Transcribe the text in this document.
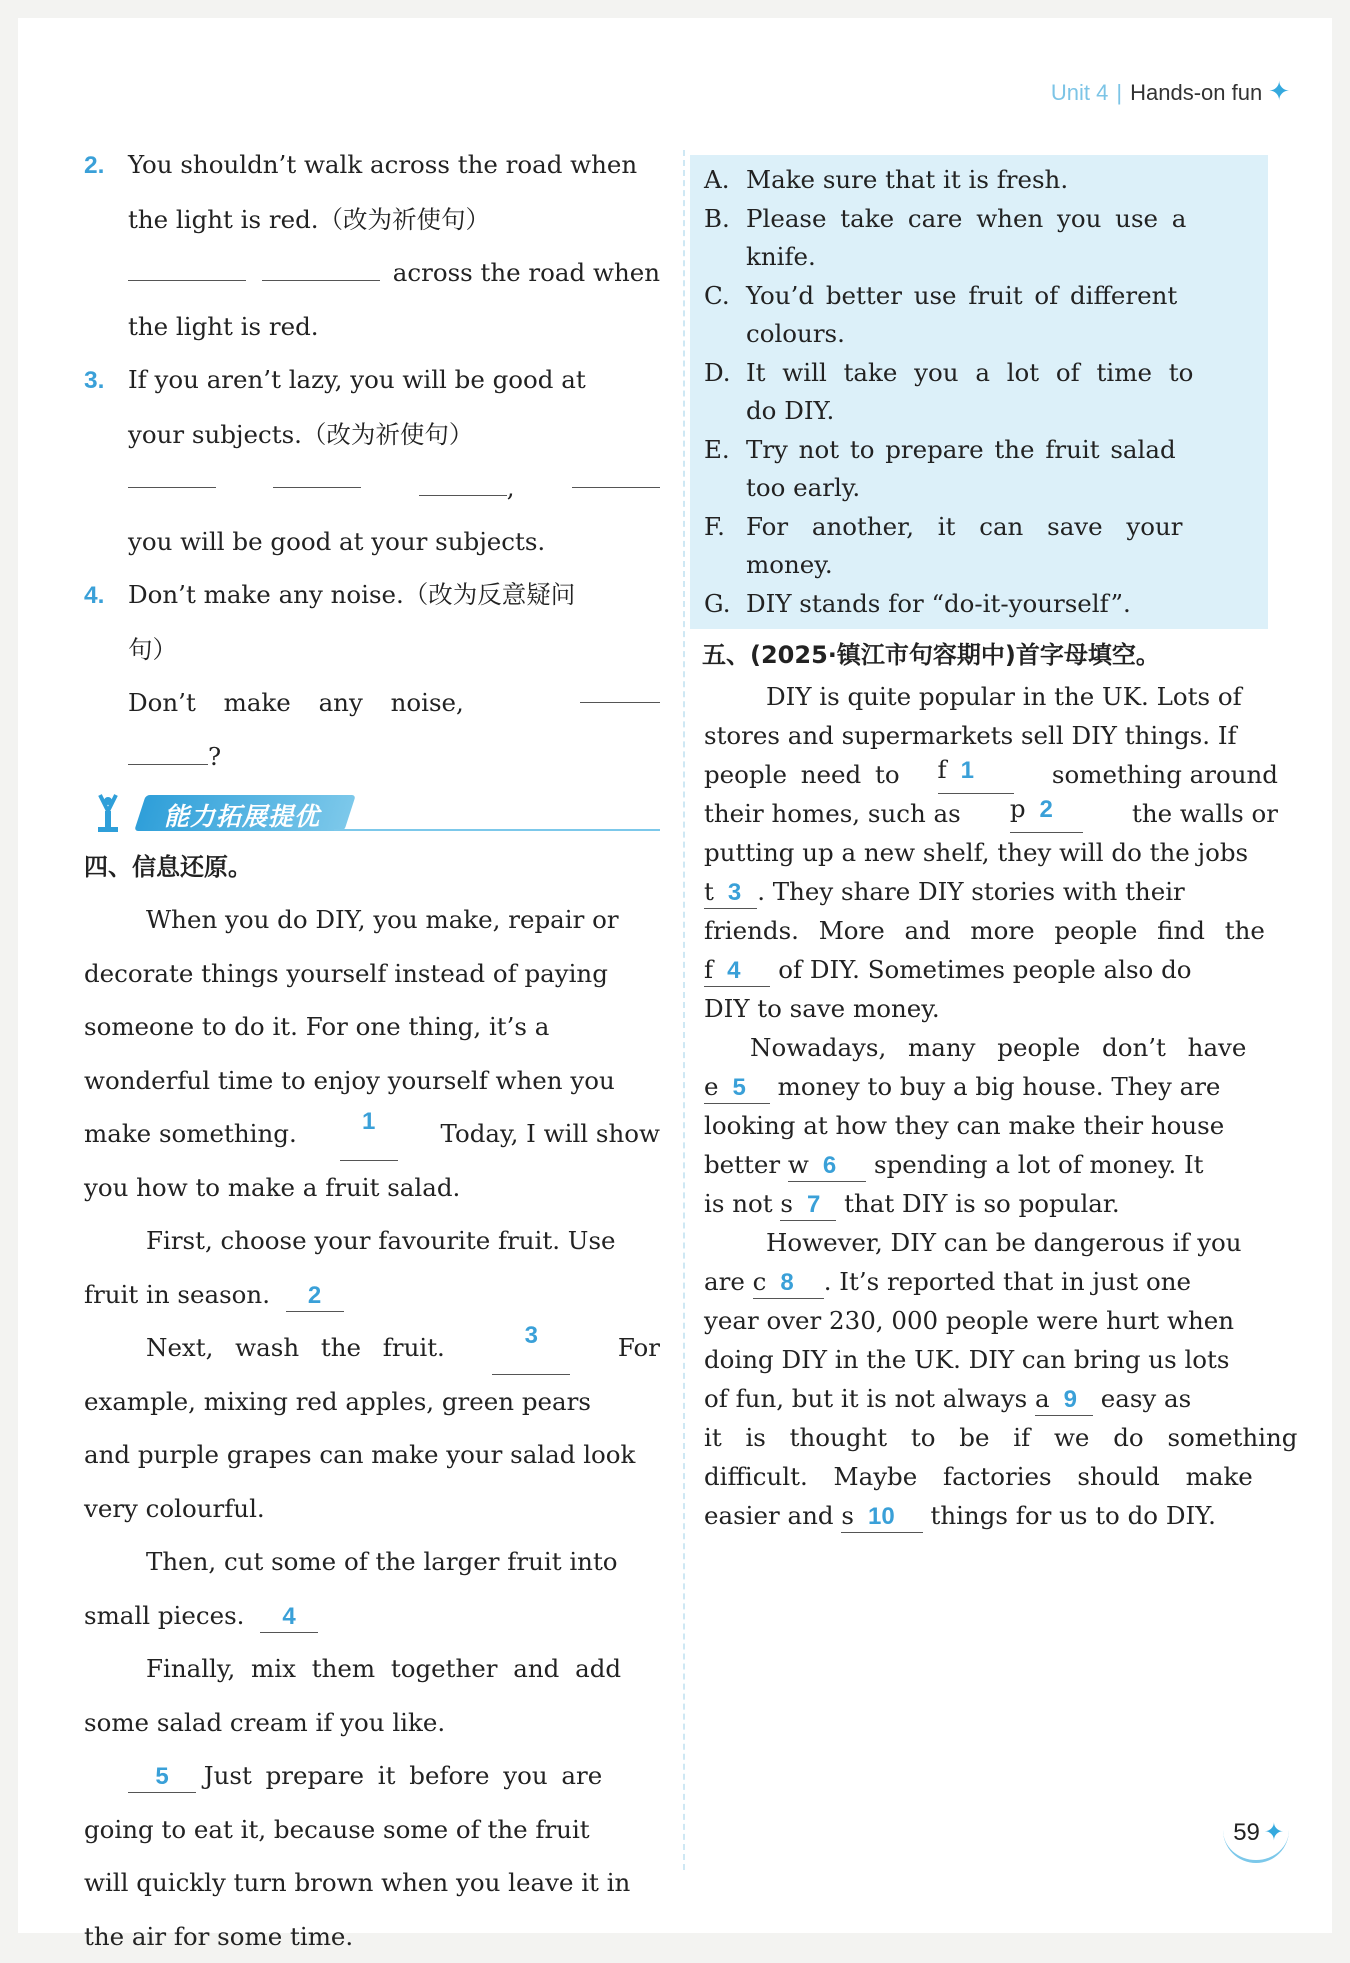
Unit 4 | Hands-on fun ✦

2. You shouldn’t walk across the road when

the light is red.（改为祈使句）

across the road when

the light is red.

3. If you aren’t lazy, you will be good at

your subjects.（改为祈使句）

,

you will be good at your subjects.

4. Don’t make any noise.（改为反意疑问

句）

Don’t make any noise,

?

能力拓展提优

四、信息还原。

When you do DIY, you make, repair or

decorate things yourself instead of paying

someone to do it. For one thing, it’s a

wonderful time to enjoy yourself when you

make something.	1	Today, I will show

you how to make a fruit salad.

First, choose your favourite fruit. Use

fruit in season. 2

Next, wash the fruit.	3	For

example, mixing red apples, green pears

and purple grapes can make your salad look

very colourful.

Then, cut some of the larger fruit into

small pieces. 4

Finally, mix them together and add

some salad cream if you like.

5 Just prepare it before you are

going to eat it, because some of the fruit

will quickly turn brown when you leave it in

the air for some time.

A. Make sure that it is fresh.
B. Please take care when you use a
knife.
C. You’d better use fruit of different
colours.
D. It will take you a lot of time to
do DIY.
E. Try not to prepare the fruit salad
too early.
F. For another, it can save your
money.
G. DIY stands for “do-it-yourself”.

五、(2025·镇江市句容期中)首字母填空。

DIY is quite popular in the UK. Lots of

stores and supermarkets sell DIY things. If

people need to f 1	something around

their homes, such as p 2	the walls or

putting up a new shelf, they will do the jobs

t 3 . They share DIY stories with their

friends. More and more people find the

f 4 of DIY. Sometimes people also do

DIY to save money.

Nowadays, many people don’t have

e 5 money to buy a big house. They are

looking at how they can make their house

better w 6 spending a lot of money. It

is not s 7 that DIY is so popular.

However, DIY can be dangerous if you

are c 8 . It’s reported that in just one

year over 230, 000 people were hurt when

doing DIY in the UK. DIY can bring us lots

of fun, but it is not always a 9 easy as

it is thought to be if we do something

difficult. Maybe factories should make

easier and s 10 things for us to do DIY.

59 ✦
